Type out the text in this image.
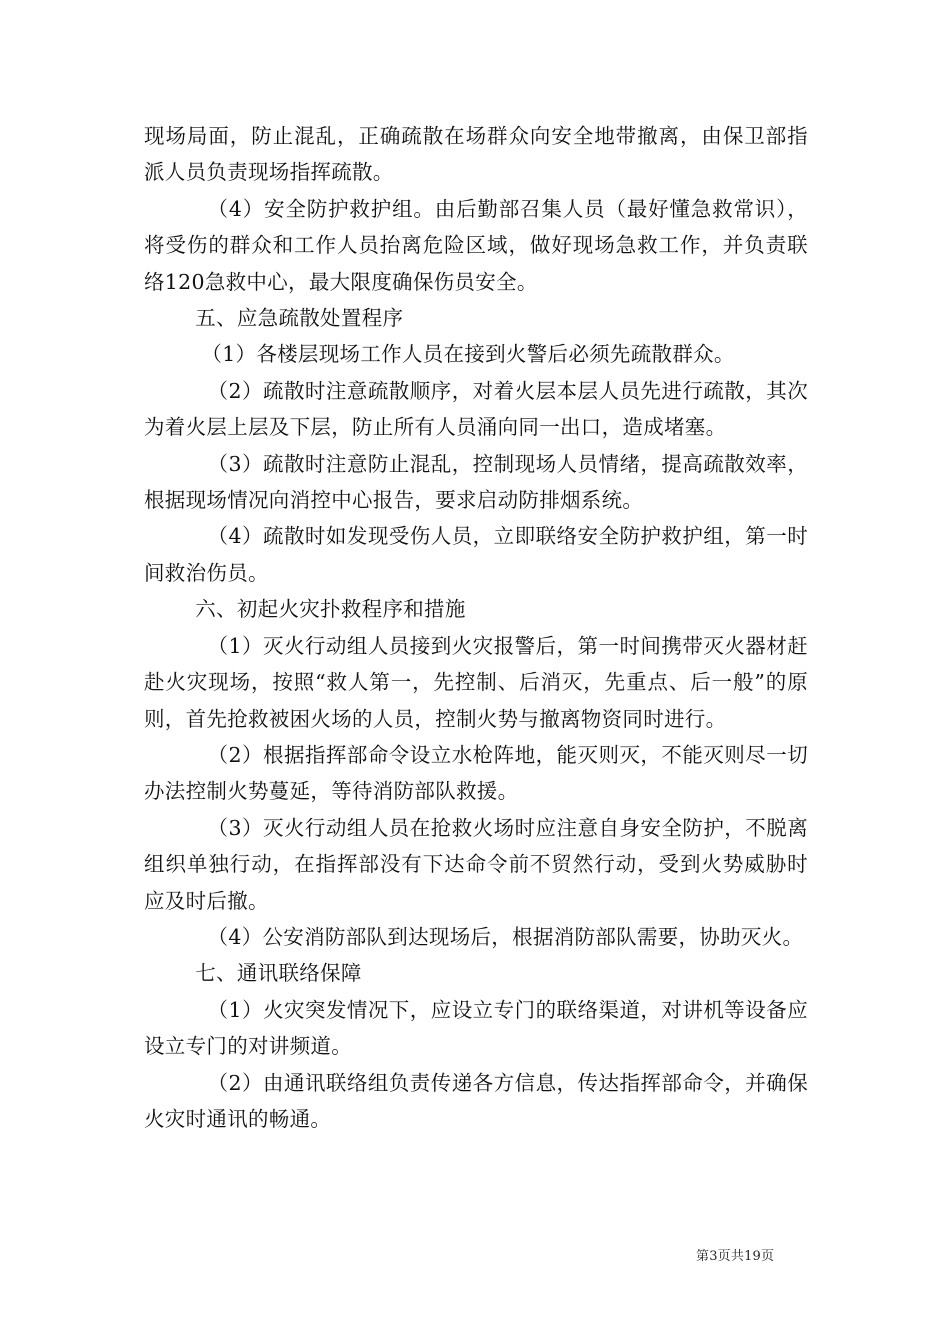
现场局面，防止混乱，正确疏散在场群众向安全地带撤离，由保卫部指派人员负责现场指挥疏散。

（4）安全防护救护组。由后勤部召集人员（最好懂急救常识），将受伤的群众和工作人员抬离危险区域，做好现场急救工作，并负责联络120急救中心，最大限度确保伤员安全。

五、应急疏散处置程序

（1）各楼层现场工作人员在接到火警后必须先疏散群众。

（2）疏散时注意疏散顺序，对着火层本层人员先进行疏散，其次为着火层上层及下层，防止所有人员涌向同一出口，造成堵塞。

（3）疏散时注意防止混乱，控制现场人员情绪，提高疏散效率，根据现场情况向消控中心报告，要求启动防排烟系统。

（4）疏散时如发现受伤人员，立即联络安全防护救护组，第一时间救治伤员。

六、初起火灾扑救程序和措施

（1）灭火行动组人员接到火灾报警后，第一时间携带灭火器材赶赴火灾现场，按照“救人第一，先控制、后消灭，先重点、后一般”的原则，首先抢救被困火场的人员，控制火势与撤离物资同时进行。

（2）根据指挥部命令设立水枪阵地，能灭则灭，不能灭则尽一切办法控制火势蔓延，等待消防部队救援。

（3）灭火行动组人员在抢救火场时应注意自身安全防护，不脱离组织单独行动，在指挥部没有下达命令前不贸然行动，受到火势威胁时应及时后撤。

（4）公安消防部队到达现场后，根据消防部队需要，协助灭火。

七、通讯联络保障

（1）火灾突发情况下，应设立专门的联络渠道，对讲机等设备应设立专门的对讲频道。

（2）由通讯联络组负责传递各方信息，传达指挥部命令，并确保火灾时通讯的畅通。

第3页共19页
